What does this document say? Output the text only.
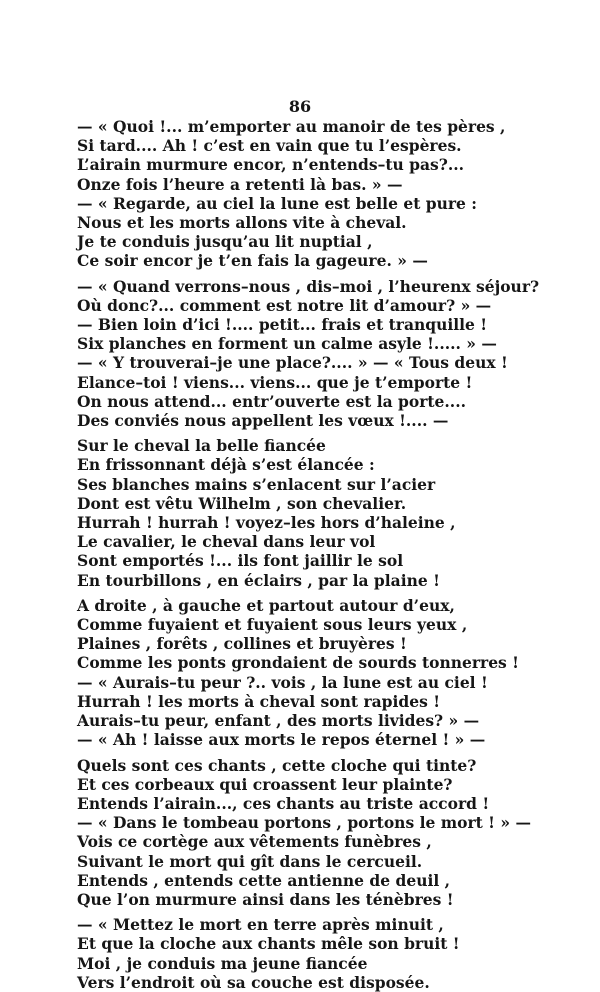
86
— « Quoi !... m’emporter au manoir de tes pères ,
Si tard.... Ah ! c’est en vain que tu l’espères.
L’airain murmure encor, n’entends–tu pas?...
Onze fois l’heure a retenti là bas. » —
— « Regarde, au ciel la lune est belle et pure :
Nous et les morts allons vite à cheval.
Je te conduis jusqu’au lit nuptial ,
Ce soir encor je t’en fais la gageure. » —
— « Quand verrons–nous , dis–moi , l’heurenx séjour?
Où donc?... comment est notre lit d’amour? » —
— Bien loin d’ici !.... petit... frais et tranquille !
Six planches en forment un calme asyle !..... » —
— « Y trouverai–je une place?.... » — « Tous deux !
Elance–toi ! viens... viens... que je t’emporte !
On nous attend... entr’ouverte est la porte....
Des conviés nous appellent les vœux !.... —
Sur le cheval la belle fiancée
En frissonnant déjà s’est élancée :
Ses blanches mains s’enlacent sur l’acier
Dont est vêtu Wilhelm , son chevalier.
Hurrah ! hurrah ! voyez–les hors d’haleine ,
Le cavalier, le cheval dans leur vol
Sont emportés !... ils font jaillir le sol
En tourbillons , en éclairs , par la plaine !
A droite , à gauche et partout autour d’eux,
Comme fuyaient et fuyaient sous leurs yeux ,
Plaines , forêts , collines et bruyères !
Comme les ponts grondaient de sourds tonnerres !
— « Aurais–tu peur ?.. vois , la lune est au ciel !
Hurrah ! les morts à cheval sont rapides !
Aurais–tu peur, enfant , des morts livides? » —
— « Ah ! laisse aux morts le repos éternel ! » —
Quels sont ces chants , cette cloche qui tinte?
Et ces corbeaux qui croassent leur plainte?
Entends l’airain..., ces chants au triste accord !
— « Dans le tombeau portons , portons le mort ! » —
Vois ce cortège aux vêtements funèbres ,
Suivant le mort qui gît dans le cercueil.
Entends , entends cette antienne de deuil ,
Que l’on murmure ainsi dans les ténèbres !
— « Mettez le mort en terre après minuit ,
Et que la cloche aux chants mêle son bruit !
Moi , je conduis ma jeune fiancée
Vers l’endroit où sa couche est disposée.
